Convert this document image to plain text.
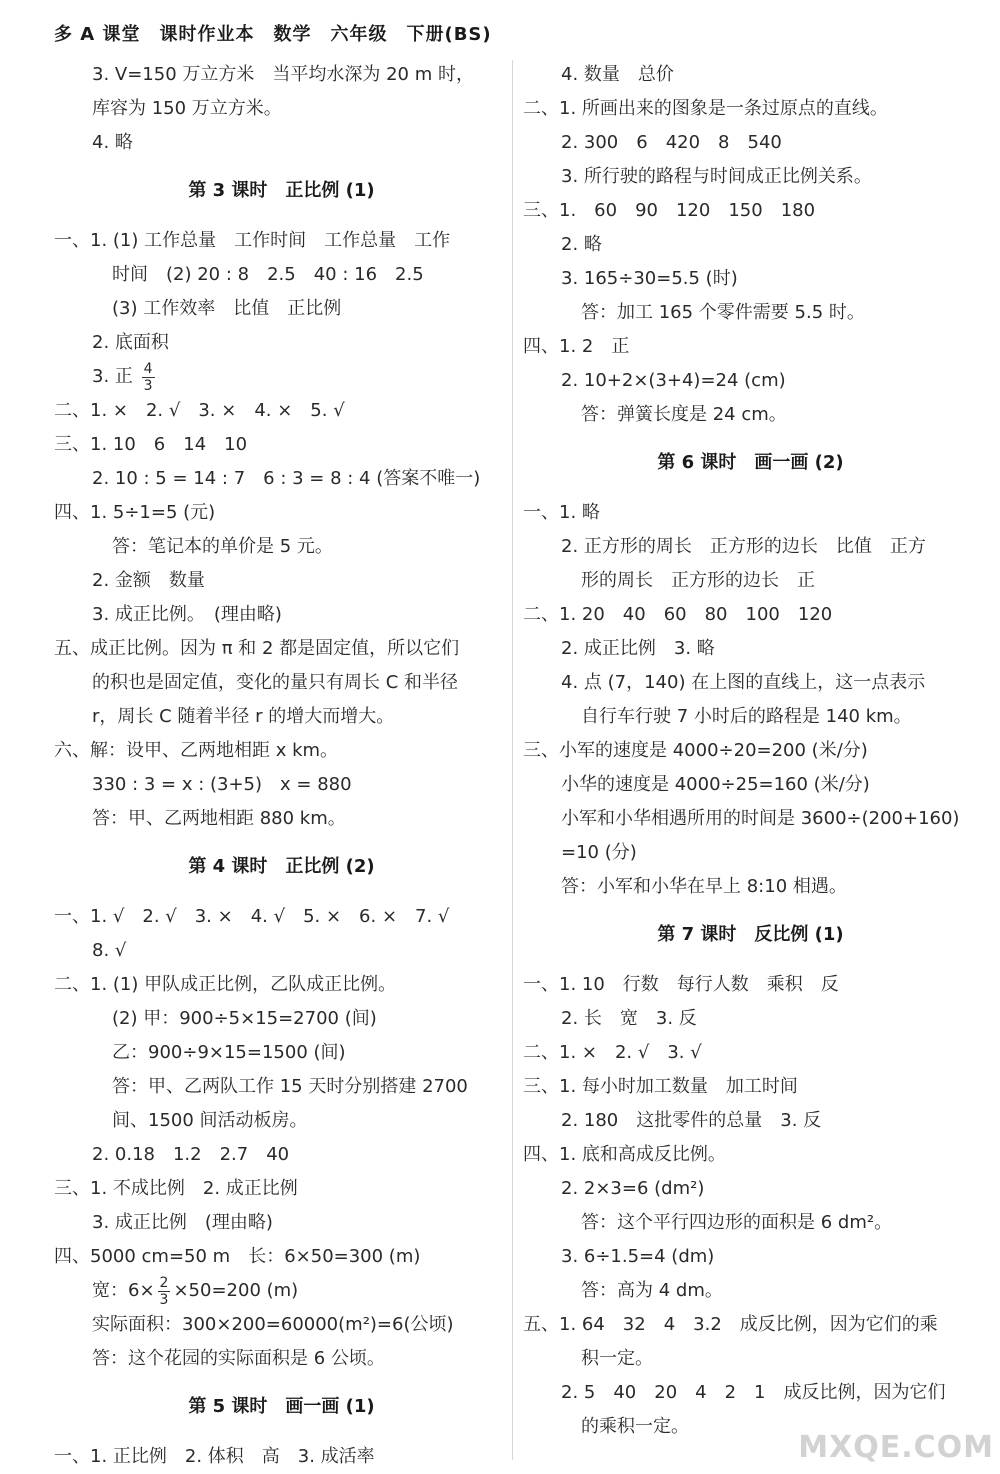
多 A 课堂　课时作业本　数学　六年级　下册(BS)
3. V=150 万立方米　当平均水深为 20 m 时，
库容为 150 万立方米。
4. 略
第 3 课时　正比例 (1)
一、1. (1) 工作总量　工作时间　工作总量　工作
时间　(2) 20 : 8　2.5　40 : 16　2.5
(3) 工作效率　比值　正比例
2. 底面积
3. 正 $\frac{4}{3}$
二、1. ×　2. √　3. ×　4. ×　5. √
三、1. 10　6　14　10
2. 10 : 5 = 14 : 7　6 : 3 = 8 : 4 (答案不唯一)
四、1. 5÷1=5 (元)
答：笔记本的单价是 5 元。
2. 金额　数量
3. 成正比例。　(理由略)
五、成正比例。因为 π 和 2 都是固定值，所以它们
的积也是固定值，变化的量只有周长 C 和半径
r，周长 C 随着半径 r 的增大而增大。
六、解：设甲、乙两地相距 x km。
330 : 3 = x : (3+5)　x = 880
答：甲、乙两地相距 880 km。
第 4 课时　正比例 (2)
一、1. √　2. √　3. ×　4. √　5. ×　6. ×　7. √
8. √
二、1. (1) 甲队成正比例，乙队成正比例。
(2) 甲：900÷5×15=2700 (间)
乙：900÷9×15=1500 (间)
答：甲、乙两队工作 15 天时分别搭建 2700
间、1500 间活动板房。
2. 0.18　1.2　2.7　40
三、1. 不成比例　2. 成正比例
3. 成正比例　(理由略)
四、5000 cm=50 m　长：6×50=300 (m)
宽：$6\times \frac{2}{3} \times 50=200$ (m)
实际面积：300×200=60000(m²)=6(公顷)
答：这个花园的实际面积是 6 公顷。
第 5 课时　画一画 (1)
一、1. 正比例　2. 体积　高　3. 成活率
4. 数量　总价
二、1. 所画出来的图象是一条过原点的直线。
2. 300　6　420　8　540
3. 所行驶的路程与时间成正比例关系。
三、1.　60　90　120　150　180
2. 略
3. 165÷30=5.5 (时)
答：加工 165 个零件需要 5.5 时。
四、1. 2　正
2. 10+2×(3+4)=24 (cm)
答：弹簧长度是 24 cm。
第 6 课时　画一画 (2)
一、1. 略
2. 正方形的周长　正方形的边长　比值　正方
形的周长　正方形的边长　正
二、1. 20　40　60　80　100　120
2. 成正比例　3. 略
4. 点 (7，140) 在上图的直线上，这一点表示
自行车行驶 7 小时后的路程是 140 km。
三、小军的速度是 4000÷20=200 (米/分)
小华的速度是 4000÷25=160 (米/分)
小军和小华相遇所用的时间是 3600÷(200+160)
=10 (分)
答：小军和小华在早上 8:10 相遇。
第 7 课时　反比例 (1)
一、1. 10　行数　每行人数　乘积　反
2. 长　宽　3. 反
二、1. ×　2. √　3. √
三、1. 每小时加工数量　加工时间
2. 180　这批零件的总量　3. 反
四、1. 底和高成反比例。
2. 2×3=6 (dm²)
答：这个平行四边形的面积是 6 dm²。
3. 6÷1.5=4 (dm)
答：高为 4 dm。
五、1. 64　32　4　3.2　成反比例，因为它们的乘
积一定。
2. 5　40　20　4　2　1　成反比例，因为它们
的乘积一定。
MXQE.COM
